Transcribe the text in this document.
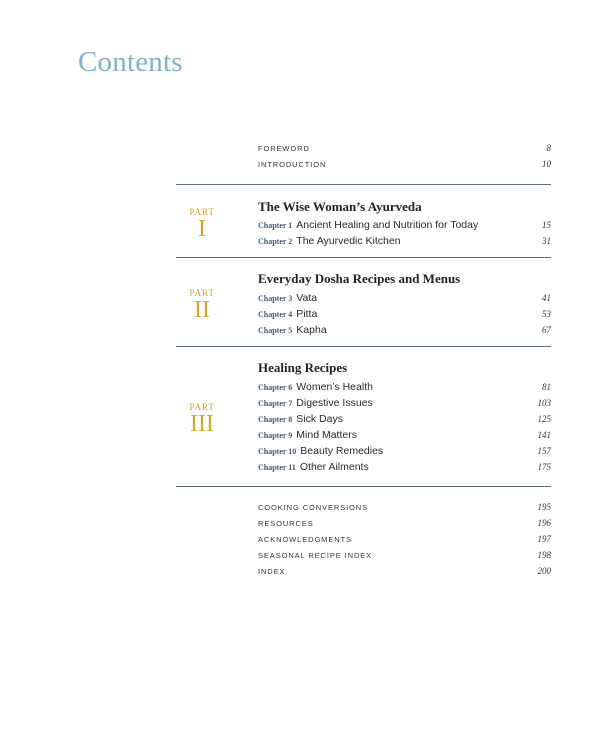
Contents
FOREWORD	8
INTRODUCTION	10
PART
I
The Wise Woman’s Ayurveda
Chapter 1 Ancient Healing and Nutrition for Today	15
Chapter 2 The Ayurvedic Kitchen	31
PART
II
Everyday Dosha Recipes and Menus
Chapter 3 Vata	41
Chapter 4 Pitta	53
Chapter 5 Kapha	67
PART
III
Healing Recipes
Chapter 6 Women’s Health	81
Chapter 7 Digestive Issues	103
Chapter 8 Sick Days	125
Chapter 9 Mind Matters	141
Chapter 10 Beauty Remedies	157
Chapter 11 Other Ailments	175
COOKING CONVERSIONS	195
RESOURCES	196
ACKNOWLEDGMENTS	197
SEASONAL RECIPE INDEX	198
INDEX	200
